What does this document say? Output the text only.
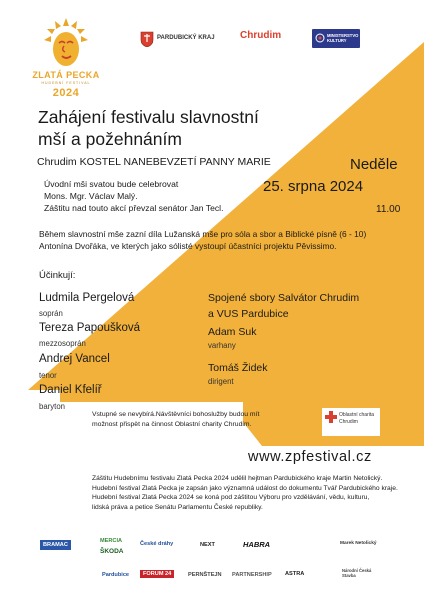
ZLATÁ PECKA
HUDEBNÍ FESTIVAL
2024
PARDUBICKÝ KRAJ	Chrudim	MINISTERSTVO KULTURY
Zahájení festivalu slavnostní
mší a požehnáním
Chrudim KOSTEL NANEBEVZETÍ PANNY MARIE	Neděle
25. srpna 2024
11.00
Úvodní mši svatou bude celebrovat
Mons. Mgr. Václav Malý.
Záštitu nad touto akcí převzal senátor Jan Tecl.
Během slavnostní mše zazní díla Lužanská mše pro sóla a sbor a Biblické písně (6 - 10)
Antonína Dvořáka, ve kterých jako sólisté vystoupí účastníci projektu Pěvissimo.
Účinkují:
Ludmila Pergelová
soprán
Tereza Papoušková
mezzosoprán
Andrej Vancel
tenor
Daniel Kfelíř
baryton
Spojené sbory Salvátor Chrudim
a VUS Pardubice
Adam Suk
varhany
Tomáš Židek
dirigent
Vstupné se nevybírá.Návštěvníci bohoslužby budou mít
možnost přispět na činnost Oblastní charity Chrudim.
Oblastní charita Chrudim
www.zpfestival.cz
Záštitu Hudebnímu festivalu Zlatá Pecka 2024 udělil hejtman Pardubického kraje Martin Netolický.
Hudební festival Zlatá Pecka je zapsán jako významná událost do dokumentu Tvář Pardubického kraje.
Hudební festival Zlatá Pecka 2024 se koná pod záštitou Výboru pro vzdělávání, vědu, kulturu,
lidská práva a petice Senátu Parlamentu České republiky.
BRAMAC
MERCIA
ŠKODA
České dráhy	NEXT	HABRA	Marek Netolický
Pardubice	FORUM 24	PERNŠTEJN PARTNERSHIP ASTRA
Národní Česká Stavba
